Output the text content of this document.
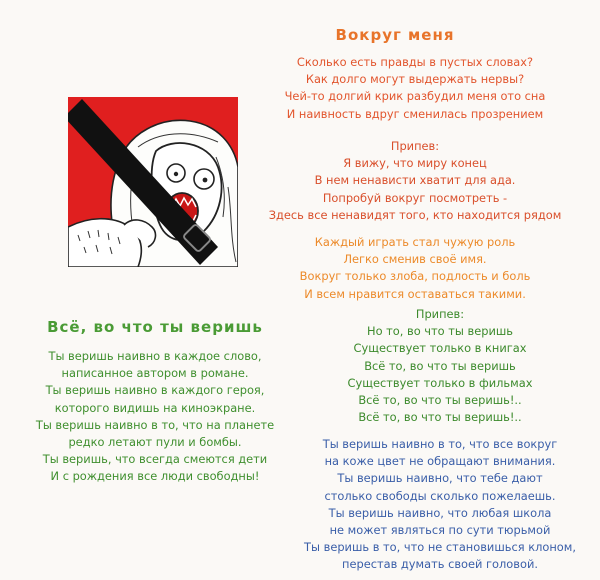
Вокруг меня
Сколько есть правды в пустых словах?
Как долго могут выдержать нервы?
Чей-то долгий крик разбудил меня ото сна
И наивность вдруг сменилась прозрением
Припев:
Я вижу, что миру конец
В нем ненависти хватит для ада.
Попробуй вокруг посмотреть -
Здесь все ненавидят того, кто находится рядом
Каждый играть стал чужую роль
Легко сменив своё имя.
Вокруг только злоба, подлость и боль
И всем нравится оставаться такими.
Всё, во что ты веришь
Ты веришь наивно в каждое слово,
написанное автором в романе.
Ты веришь наивно в каждого героя,
которого видишь на киноэкране.
Ты веришь наивно в то, что на планете
редко летают пули и бомбы.
Ты веришь, что всегда смеются дети
И с рождения все люди свободны!
Припев:
Но то, во что ты веришь
Существует только в книгах
Всё то, во что ты веришь
Существует только в фильмах
Всё то, во что ты веришь!..
Всё то, во что ты веришь!..
Ты веришь наивно в то, что все вокруг
на коже цвет не обращают внимания.
Ты веришь наивно, что тебе дают
столько свободы сколько пожелаешь.
Ты веришь наивно, что любая школа
не может являться по сути тюрьмой
Ты веришь в то, что не становишься клоном,
перестав думать своей головой.
